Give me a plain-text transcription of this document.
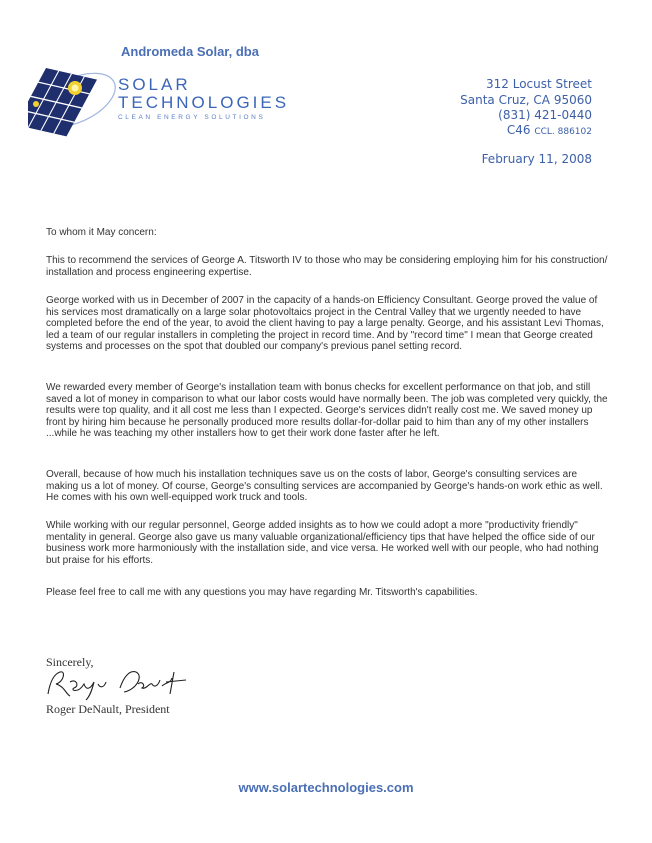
Andromeda Solar, dba
SOLAR
TECHNOLOGIES
CLEAN ENERGY SOLUTIONS
312 Locust Street
Santa Cruz, CA 95060
(831) 421-0440
C46 CCL. 886102
February 11, 2008
To whom it May concern:

This to recommend the services of George A. Titsworth IV to those who may be considering employing him for his construction/ installation and process engineering expertise.

George worked with us in December of 2007 in the capacity of a hands-on Efficiency Consultant. George proved the value of his services most dramatically on a large solar photovoltaics project in the Central Valley that we urgently needed to have completed before the end of the year, to avoid the client having to pay a large penalty. George, and his assistant Levi Thomas, led a team of our regular installers in completing the project in record time. And by "record time" I mean that George created systems and processes on the spot that doubled our company's previous panel setting record.

We rewarded every member of George's installation team with bonus checks for excellent performance on that job, and still saved a lot of money in comparison to what our labor costs would have normally been. The job was completed very quickly, the results were top quality, and it all cost me less than I expected. George's services didn't really cost me. We saved money up front by hiring him because he personally produced more results dollar-for-dollar paid to him than any of my other installers ...while he was teaching my other installers how to get their work done faster after he left.

Overall, because of how much his installation techniques save us on the costs of labor, George's consulting services are making us a lot of money. Of course, George's consulting services are accompanied by George's hands-on work ethic as well. He comes with his own well-equipped work truck and tools.

While working with our regular personnel, George added insights as to how we could adopt a more "productivity friendly" mentality in general. George also gave us many valuable organizational/efficiency tips that have helped the office side of our business work more harmoniously with the installation side, and vice versa. He worked well with our people, who had nothing but praise for his efforts.

Please feel free to call me with any questions you may have regarding Mr. Titsworth's capabilities.

Sincerely,
Roger DeNault, President
www.solartechnologies.com
